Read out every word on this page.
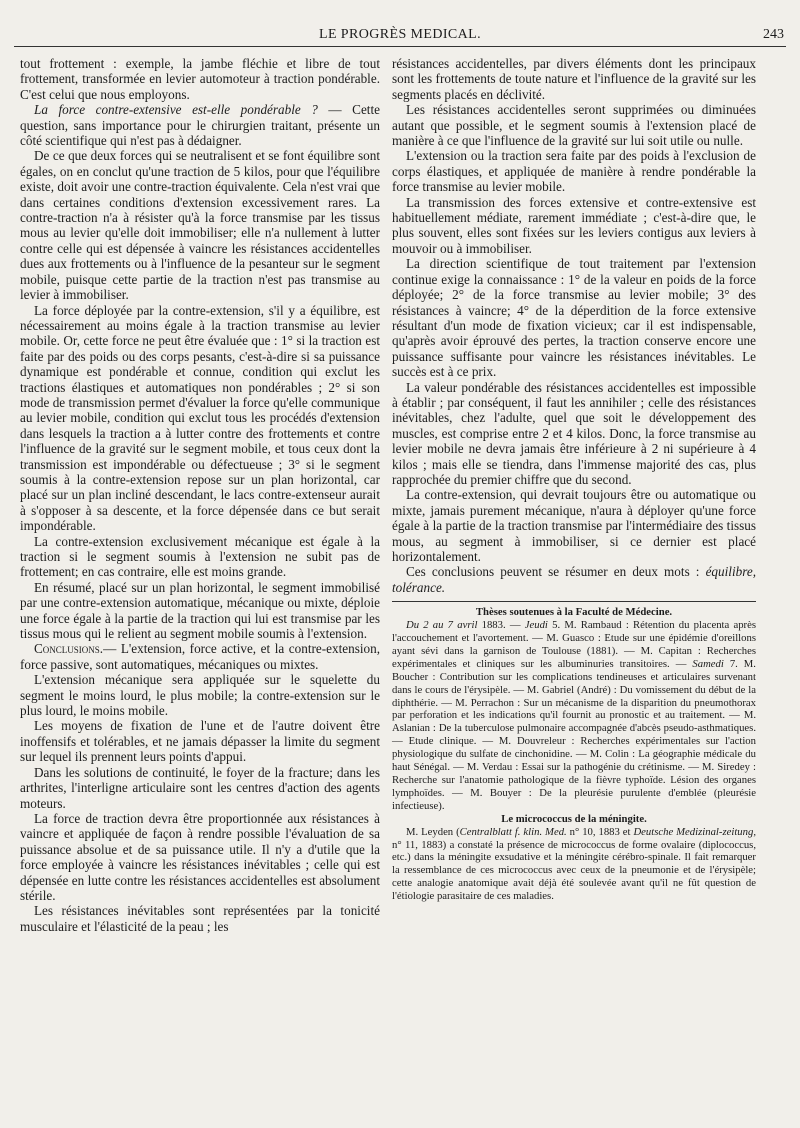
LE PROGRÈS MEDICAL.	243

tout frottement : exemple, la jambe fléchie et libre de tout frottement, transformée en levier automoteur à traction pondérable. C'est celui que nous employons.

La force contre-extensive est-elle pondérable ? — Cette question, sans importance pour le chirurgien traitant, présente un côté scientifique qui n'est pas à dédaigner.

De ce que deux forces qui se neutralisent et se font équilibre sont égales, on en conclut qu'une traction de 5 kilos, pour que l'équilibre existe, doit avoir une contre-traction équivalente. Cela n'est vrai que dans certaines conditions d'extension excessivement rares. La contre-traction n'a à résister qu'à la force transmise par les tissus mous au levier qu'elle doit immobiliser; elle n'a nullement à lutter contre celle qui est dépensée à vaincre les résistances accidentelles dues aux frottements ou à l'influence de la pesanteur sur le segment mobile, puisque cette partie de la traction n'est pas transmise au levier à immobiliser.

La force déployée par la contre-extension, s'il y a équilibre, est nécessairement au moins égale à la traction transmise au levier mobile. Or, cette force ne peut être évaluée que : 1° si la traction est faite par des poids ou des corps pesants, c'est-à-dire si sa puissance dynamique est pondérable et connue, condition qui exclut les tractions élastiques et automatiques non pondérables ; 2° si son mode de transmission permet d'évaluer la force qu'elle communique au levier mobile, condition qui exclut tous les procédés d'extension dans lesquels la traction a à lutter contre des frottements et contre l'influence de la gravité sur le segment mobile, et tous ceux dont la transmission est impondérable ou défectueuse ; 3° si le segment soumis à la contre-extension repose sur un plan horizontal, car placé sur un plan incliné descendant, le lacs contre-extenseur aurait à s'opposer à sa descente, et la force dépensée dans ce but serait impondérable.

La contre-extension exclusivement mécanique est égale à la traction si le segment soumis à l'extension ne subit pas de frottement; en cas contraire, elle est moins grande.

En résumé, placé sur un plan horizontal, le segment immobilisé par une contre-extension automatique, mécanique ou mixte, déploie une force égale à la partie de la traction qui lui est transmise par les tissus mous qui le relient au segment mobile soumis à l'extension.

Conclusions.— L'extension, force active, et la contre-extension, force passive, sont automatiques, mécaniques ou mixtes.

L'extension mécanique sera appliquée sur le squelette du segment le moins lourd, le plus mobile; la contre-extension sur le plus lourd, le moins mobile.

Les moyens de fixation de l'une et de l'autre doivent être inoffensifs et tolérables, et ne jamais dépasser la limite du segment sur lequel ils prennent leurs points d'appui.

Dans les solutions de continuité, le foyer de la fracture; dans les arthrites, l'interligne articulaire sont les centres d'action des agents moteurs.

La force de traction devra être proportionnée aux résistances à vaincre et appliquée de façon à rendre possible l'évaluation de sa puissance absolue et de sa puissance utile. Il n'y a d'utile que la force employée à vaincre les résistances inévitables ; celle qui est dépensée en lutte contre les résistances accidentelles est absolument stérile.

Les résistances inévitables sont représentées par la tonicité musculaire et l'élasticité de la peau ; les

résistances accidentelles, par divers éléments dont les principaux sont les frottements de toute nature et l'influence de la gravité sur les segments placés en déclivité.

Les résistances accidentelles seront supprimées ou diminuées autant que possible, et le segment soumis à l'extension placé de manière à ce que l'influence de la gravité sur lui soit utile ou nulle.

L'extension ou la traction sera faite par des poids à l'exclusion de corps élastiques, et appliquée de manière à rendre pondérable la force transmise au levier mobile.

La transmission des forces extensive et contre-extensive est habituellement médiate, rarement immédiate ; c'est-à-dire que, le plus souvent, elles sont fixées sur les leviers contigus aux leviers à mouvoir ou à immobiliser.

La direction scientifique de tout traitement par l'extension continue exige la connaissance : 1° de la valeur en poids de la force déployée; 2° de la force transmise au levier mobile; 3° des résistances à vaincre; 4° de la déperdition de la force extensive résultant d'un mode de fixation vicieux; car il est indispensable, qu'après avoir éprouvé des pertes, la traction conserve encore une puissance suffisante pour vaincre les résistances inévitables. Le succès est à ce prix.

La valeur pondérable des résistances accidentelles est impossible à établir ; par conséquent, il faut les annihiler ; celle des résistances inévitables, chez l'adulte, quel que soit le développement des muscles, est comprise entre 2 et 4 kilos. Donc, la force transmise au levier mobile ne devra jamais être inférieure à 2 ni supérieure à 4 kilos ; mais elle se tiendra, dans l'immense majorité des cas, plus rapprochée du premier chiffre que du second.

La contre-extension, qui devrait toujours être ou automatique ou mixte, jamais purement mécanique, n'aura à déployer qu'une force égale à la partie de la traction transmise par l'intermédiaire des tissus mous, au segment à immobiliser, si ce dernier est placé horizontalement.

Ces conclusions peuvent se résumer en deux mots : équilibre, tolérance.

Thèses soutenues à la Faculté de Médecine.

Du 2 au 7 avril 1883. — Jeudi 5. M. Rambaud : Rétention du placenta après l'accouchement et l'avortement. — M. Guasco : Etude sur une épidémie d'oreillons ayant sévi dans la garnison de Toulouse (1881). — M. Capitan : Recherches expérimentales et cliniques sur les albuminuries transitoires. — Samedi 7. M. Boucher : Contribution sur les complications tendineuses et articulaires survenant dans le cours de l'érysipèle. — M. Gabriel (André) : Du vomissement du début de la diphthérie. — M. Perrachon : Sur un mécanisme de la disparition du pneumothorax par perforation et les indications qu'il fournit au pronostic et au traitement. — M. Aslanian : De la tuberculose pulmonaire accompagnée d'abcès pseudo-asthmatiques. — Etude clinique. — M. Douvreleur : Recherches expérimentales sur l'action physiologique du sulfate de cinchonidine. — M. Colin : La géographie médicale du haut Sénégal. — M. Verdau : Essai sur la pathogénie du crétinisme. — M. Siredey : Recherche sur l'anatomie pathologique de la fièvre typhoïde. Lésion des organes lymphoïdes. — M. Bouyer : De la pleurésie purulente d'emblée (pleurésie infectieuse).

Le micrococcus de la méningite.

M. Leyden (Centralblatt f. klin. Med. n° 10, 1883 et Deutsche Medizinal-zeitung, n° 11, 1883) a constaté la présence de micrococcus de forme ovalaire (diplococcus, etc.) dans la méningite exsudative et la méningite cérébro-spinale. Il fait remarquer la ressemblance de ces micrococcus avec ceux de la pneumonie et de l'érysipèle; cette analogie anatomique avait déjà été soulevée avant qu'il ne fût question de l'étiologie parasitaire de ces maladies.
